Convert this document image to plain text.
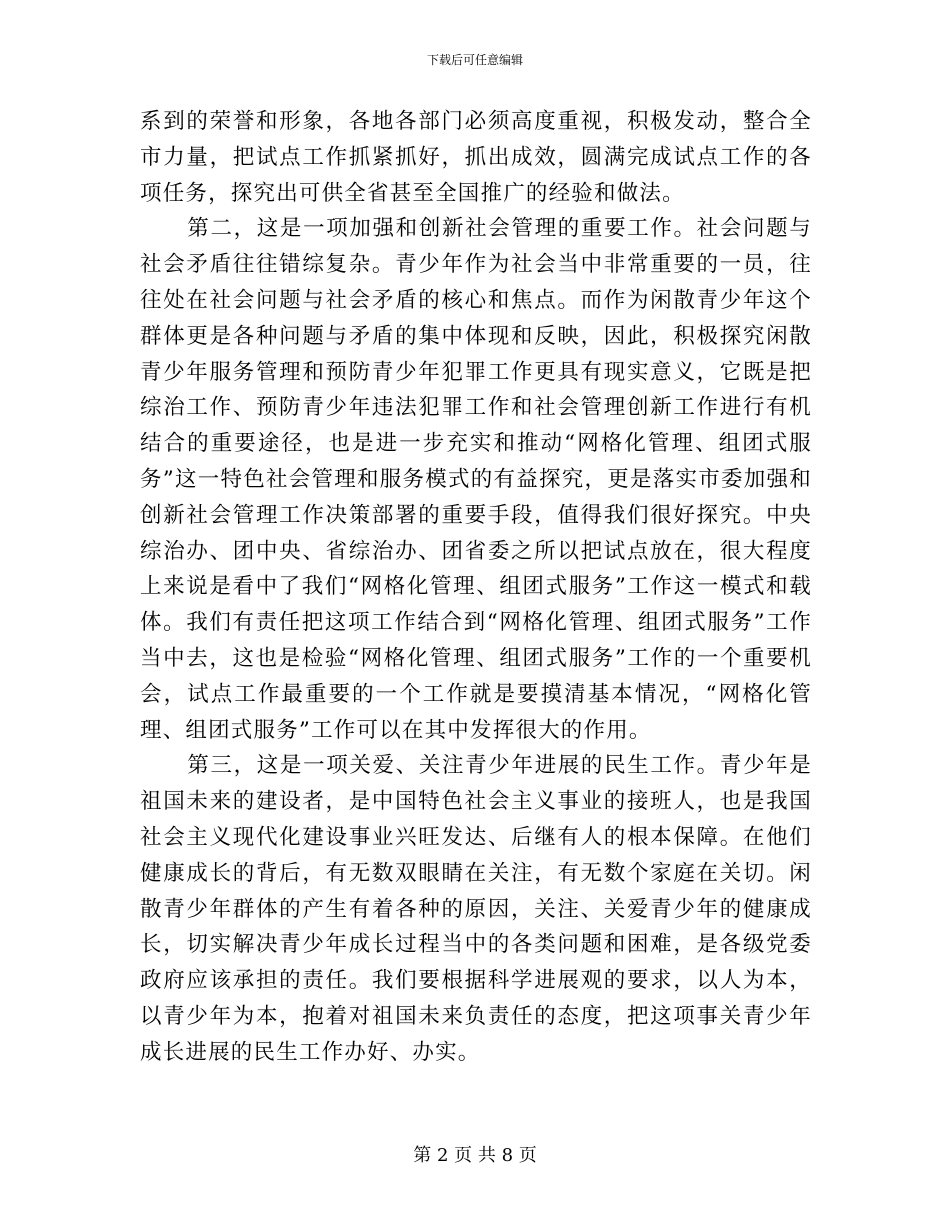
下载后可任意编辑

系到的荣誉和形象，各地各部门必须高度重视，积极发动，整合全市力量，把试点工作抓紧抓好，抓出成效，圆满完成试点工作的各项任务，探究出可供全省甚至全国推广的经验和做法。

第二，这是一项加强和创新社会管理的重要工作。社会问题与社会矛盾往往错综复杂。青少年作为社会当中非常重要的一员，往往处在社会问题与社会矛盾的核心和焦点。而作为闲散青少年这个群体更是各种问题与矛盾的集中体现和反映，因此，积极探究闲散青少年服务管理和预防青少年犯罪工作更具有现实意义，它既是把综治工作、预防青少年违法犯罪工作和社会管理创新工作进行有机结合的重要途径，也是进一步充实和推动“网格化管理、组团式服务”这一特色社会管理和服务模式的有益探究，更是落实市委加强和创新社会管理工作决策部署的重要手段，值得我们很好探究。中央综治办、团中央、省综治办、团省委之所以把试点放在，很大程度上来说是看中了我们“网格化管理、组团式服务”工作这一模式和载体。我们有责任把这项工作结合到“网格化管理、组团式服务”工作当中去，这也是检验“网格化管理、组团式服务”工作的一个重要机会，试点工作最重要的一个工作就是要摸清基本情况，“网格化管理、组团式服务”工作可以在其中发挥很大的作用。

第三，这是一项关爱、关注青少年进展的民生工作。青少年是祖国未来的建设者，是中国特色社会主义事业的接班人，也是我国社会主义现代化建设事业兴旺发达、后继有人的根本保障。在他们健康成长的背后，有无数双眼睛在关注，有无数个家庭在关切。闲散青少年群体的产生有着各种的原因，关注、关爱青少年的健康成长，切实解决青少年成长过程当中的各类问题和困难，是各级党委政府应该承担的责任。我们要根据科学进展观的要求，以人为本，以青少年为本，抱着对祖国未来负责任的态度，把这项事关青少年成长进展的民生工作办好、办实。

第 2 页 共 8 页
